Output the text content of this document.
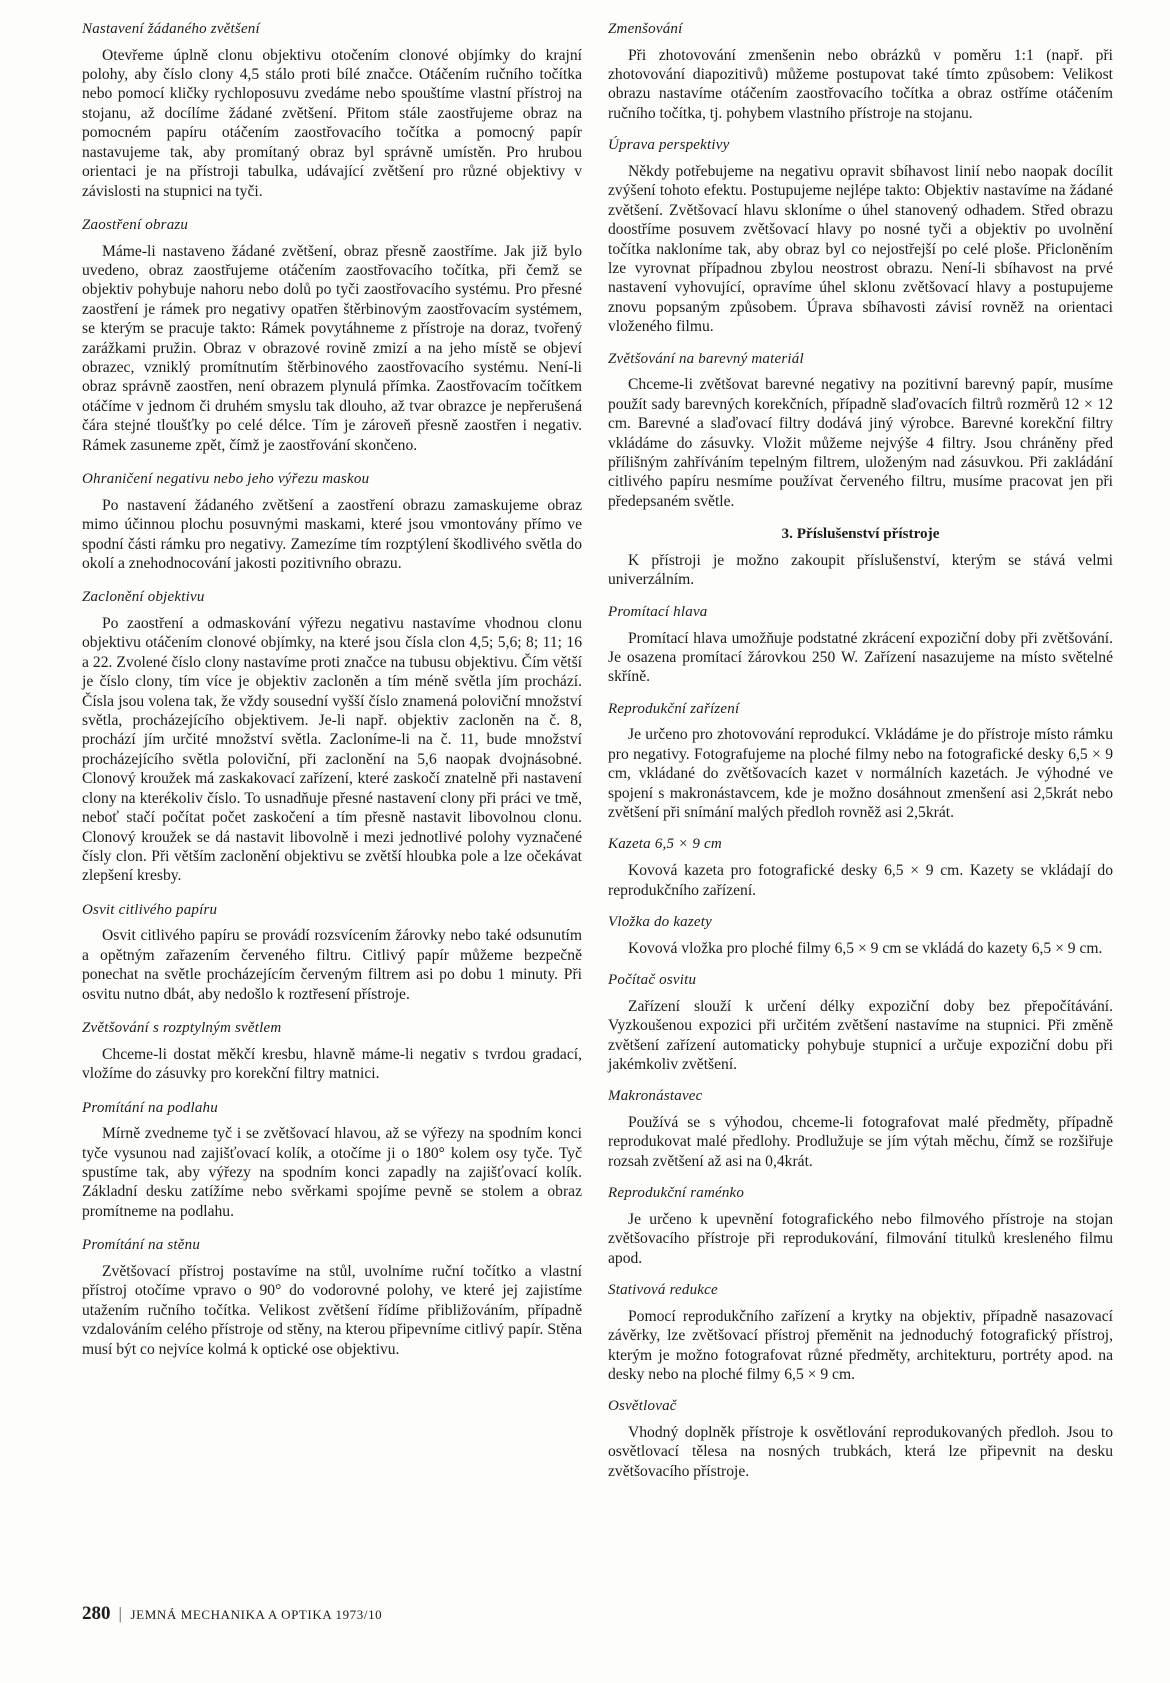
Nastavení žádaného zvětšení

Otevřeme úplně clonu objektivu otočením clonové objímky do krajní polohy, aby číslo clony 4,5 stálo proti bílé značce. Otáčením ručního točítka nebo pomocí kličky rychloposuvu zvedáme nebo spouštíme vlastní přístroj na stojanu, až docílíme žádané zvětšení. Přitom stále zaostřujeme obraz na pomocném papíru otáčením zaostřovacího točítka a pomocný papír nastavujeme tak, aby promítaný obraz byl správně umístěn. Pro hrubou orientaci je na přístroji tabulka, udávající zvětšení pro různé objektivy v závislosti na stupnici na tyči.

Zaostření obrazu

Máme-li nastaveno žádané zvětšení, obraz přesně zaostříme. Jak již bylo uvedeno, obraz zaostřujeme otáčením zaostřovacího točítka, při čemž se objektiv pohybuje nahoru nebo dolů po tyči zaostřovacího systému. Pro přesné zaostření je rámek pro negativy opatřen štěrbinovým zaostřovacím systémem, se kterým se pracuje takto: Rámek povytáhneme z přístroje na doraz, tvořený zarážkami pružin. Obraz v obrazové rovině zmizí a na jeho místě se objeví obrazec, vzniklý promítnutím štěrbinového zaostřovacího systému. Není-li obraz správně zaostřen, není obrazem plynulá přímka. Zaostřovacím točítkem otáčíme v jednom či druhém smyslu tak dlouho, až tvar obrazce je nepřerušená čára stejné tloušťky po celé délce. Tím je zároveň přesně zaostřen i negativ. Rámek zasuneme zpět, čímž je zaostřování skončeno.

Ohraničení negativu nebo jeho výřezu maskou

Po nastavení žádaného zvětšení a zaostření obrazu zamaskujeme obraz mimo účinnou plochu posuvnými maskami, které jsou vmontovány přímo ve spodní části rámku pro negativy. Zamezíme tím rozptýlení škodlivého světla do okolí a znehodnocování jakosti pozitivního obrazu.

Zaclonění objektivu

Po zaostření a odmaskování výřezu negativu nastavíme vhodnou clonu objektivu otáčením clonové objímky, na které jsou čísla clon 4,5; 5,6; 8; 11; 16 a 22. Zvolené číslo clony nastavíme proti značce na tubusu objektivu. Čím větší je číslo clony, tím více je objektiv zacloněn a tím méně světla jím prochází. Čísla jsou volena tak, že vždy sousední vyšší číslo znamená poloviční množství světla, procházejícího objektivem. Je-li např. objektiv zacloněn na č. 8, prochází jím určité množství světla. Zacloníme-li na č. 11, bude množství procházejícího světla poloviční, při zaclonění na 5,6 naopak dvojnásobné. Clonový kroužek má zaskakovací zařízení, které zaskočí znatelně při nastavení clony na kterékoliv číslo. To usnadňuje přesné nastavení clony při práci ve tmě, neboť stačí počítat počet zaskočení a tím přesně nastavit libovolnou clonu. Clonový kroužek se dá nastavit libovolně i mezi jednotlivé polohy vyznačené čísly clon. Při větším zaclonění objektivu se zvětší hloubka pole a lze očekávat zlepšení kresby.

Osvit citlivého papíru

Osvit citlivého papíru se provádí rozsvícením žárovky nebo také odsunutím a opětným zařazením červeného filtru. Citlivý papír můžeme bezpečně ponechat na světle procházejícím červeným filtrem asi po dobu 1 minuty. Při osvitu nutno dbát, aby nedošlo k roztřesení přístroje.

Zvětšování s rozptylným světlem

Chceme-li dostat měkčí kresbu, hlavně máme-li negativ s tvrdou gradací, vložíme do zásuvky pro korekční filtry matnici.

Promítání na podlahu

Mírně zvedneme tyč i se zvětšovací hlavou, až se výřezy na spodním konci tyče vysunou nad zajišťovací kolík, a otočíme ji o 180° kolem osy tyče. Tyč spustíme tak, aby výřezy na spodním konci zapadly na zajišťovací kolík. Základní desku zatížíme nebo svěrkami spojíme pevně se stolem a obraz promítneme na podlahu.

Promítání na stěnu

Zvětšovací přístroj postavíme na stůl, uvolníme ruční točítko a vlastní přístroj otočíme vpravo o 90° do vodorovné polohy, ve které jej zajistíme utažením ručního točítka. Velikost zvětšení řídíme přibližováním, případně vzdalováním celého přístroje od stěny, na kterou připevníme citlivý papír. Stěna musí být co nejvíce kolmá k optické ose objektivu.

Zmenšování

Při zhotovování zmenšenin nebo obrázků v poměru 1:1 (např. při zhotovování diapozitivů) můžeme postupovat také tímto způsobem: Velikost obrazu nastavíme otáčením zaostřovacího točítka a obraz ostříme otáčením ručního točítka, tj. pohybem vlastního přístroje na stojanu.

Úprava perspektivy

Někdy potřebujeme na negativu opravit sbíhavost linií nebo naopak docílit zvýšení tohoto efektu. Postupujeme nejlépe takto: Objektiv nastavíme na žádané zvětšení. Zvětšovací hlavu skloníme o úhel stanovený odhadem. Střed obrazu doostříme posuvem zvětšovací hlavy po nosné tyči a objektiv po uvolnění točítka nakloníme tak, aby obraz byl co nejostřejší po celé ploše. Přicloněním lze vyrovnat případnou zbylou neostrost obrazu. Není-li sbíhavost na prvé nastavení vyhovující, opravíme úhel sklonu zvětšovací hlavy a postupujeme znovu popsaným způsobem. Úprava sbíhavosti závisí rovněž na orientaci vloženého filmu.

Zvětšování na barevný materiál

Chceme-li zvětšovat barevné negativy na pozitivní barevný papír, musíme použít sady barevných korekčních, případně slaďovacích filtrů rozměrů 12 × 12 cm. Barevné a slaďovací filtry dodává jiný výrobce. Barevné korekční filtry vkládáme do zásuvky. Vložit můžeme nejvýše 4 filtry. Jsou chráněny před přílišným zahříváním tepelným filtrem, uloženým nad zásuvkou. Při zakládání citlivého papíru nesmíme používat červeného filtru, musíme pracovat jen při předepsaném světle.

3. Příslušenství přístroje

K přístroji je možno zakoupit příslušenství, kterým se stává velmi univerzálním.

Promítací hlava

Promítací hlava umožňuje podstatné zkrácení expoziční doby při zvětšování. Je osazena promítací žárovkou 250 W. Zařízení nasazujeme na místo světelné skříně.

Reprodukční zařízení

Je určeno pro zhotovování reprodukcí. Vkládáme je do přístroje místo rámku pro negativy. Fotografujeme na ploché filmy nebo na fotografické desky 6,5 × 9 cm, vkládané do zvětšovacích kazet v normálních kazetách. Je výhodné ve spojení s makronástavcem, kde je možno dosáhnout zmenšení asi 2,5krát nebo zvětšení při snímání malých předloh rovněž asi 2,5krát.

Kazeta 6,5 × 9 cm

Kovová kazeta pro fotografické desky 6,5 × 9 cm. Kazety se vkládají do reprodukčního zařízení.

Vložka do kazety

Kovová vložka pro ploché filmy 6,5 × 9 cm se vkládá do kazety 6,5 × 9 cm.

Počítač osvitu

Zařízení slouží k určení délky expoziční doby bez přepočítávání. Vyzkoušenou expozici při určitém zvětšení nastavíme na stupnici. Při změně zvětšení zařízení automaticky pohybuje stupnicí a určuje expoziční dobu při jakémkoliv zvětšení.

Makronástavec

Používá se s výhodou, chceme-li fotografovat malé předměty, případně reprodukovat malé předlohy. Prodlužuje se jím výtah měchu, čímž se rozšiřuje rozsah zvětšení až asi na 0,4krát.

Reprodukční raménko

Je určeno k upevnění fotografického nebo filmového přístroje na stojan zvětšovacího přístroje při reprodukování, filmování titulků kresleného filmu apod.

Stativová redukce

Pomocí reprodukčního zařízení a krytky na objektiv, případně nasazovací závěrky, lze zvětšovací přístroj přeměnit na jednoduchý fotografický přístroj, kterým je možno fotografovat různé předměty, architekturu, portréty apod. na desky nebo na ploché filmy 6,5 × 9 cm.

Osvětlovač

Vhodný doplněk přístroje k osvětlování reprodukovaných předloh. Jsou to osvětlovací tělesa na nosných trubkách, která lze připevnit na desku zvětšovacího přístroje.

280 | JEMNÁ MECHANIKA A OPTIKA 1973/10
